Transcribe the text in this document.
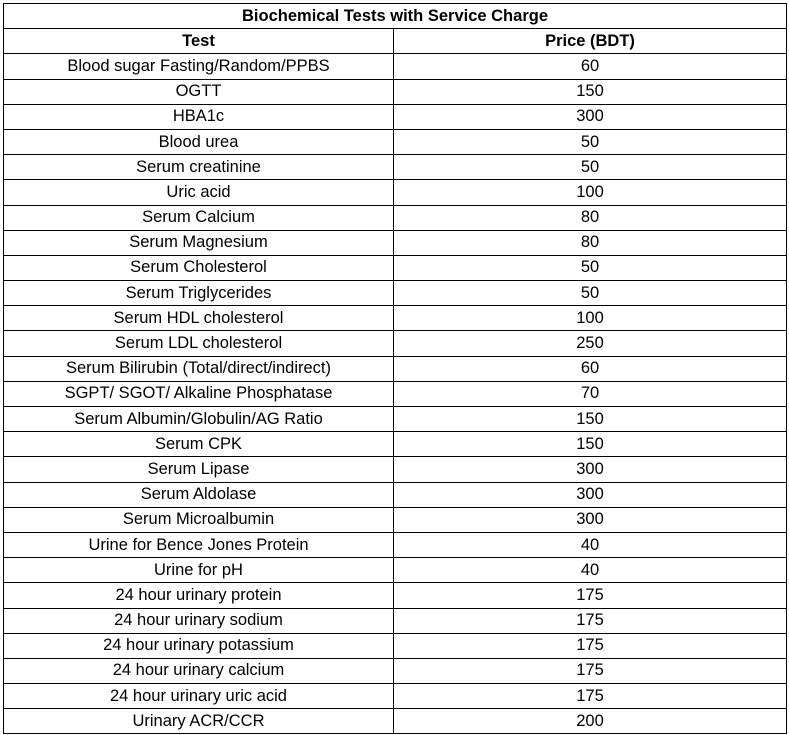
Biochemical Tests with Service Charge	
Test	Price (BDT)
Blood sugar Fasting/Random/PPBS	60
OGTT	150
HBA1c	300
Blood urea	50
Serum creatinine	50
Uric acid	100
Serum Calcium	80
Serum Magnesium	80
Serum Cholesterol	50
Serum Triglycerides	50
Serum HDL cholesterol	100
Serum LDL cholesterol	250
Serum Bilirubin (Total/direct/indirect)	60
SGPT/ SGOT/ Alkaline Phosphatase	70
Serum Albumin/Globulin/AG Ratio	150
Serum CPK	150
Serum Lipase	300
Serum Aldolase	300
Serum Microalbumin	300
Urine for Bence Jones Protein	40
Urine for pH	40
24 hour urinary protein	175
24 hour urinary sodium	175
24 hour urinary potassium	175
24 hour urinary calcium	175
24 hour urinary uric acid	175
Urinary ACR/CCR	200
